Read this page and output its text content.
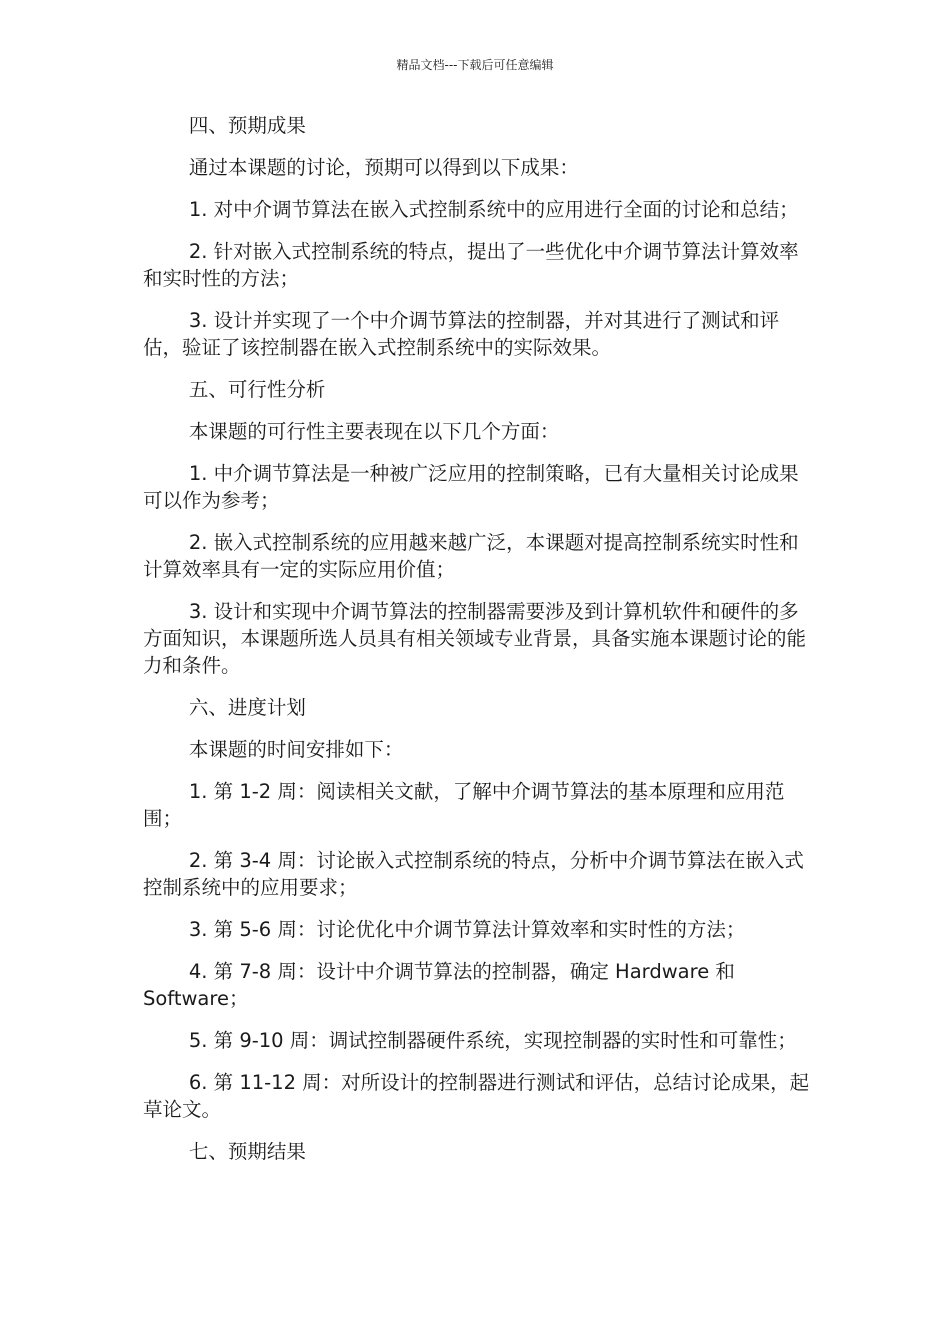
精品文档---下载后可任意编辑

四、预期成果

通过本课题的讨论，预期可以得到以下成果：

1. 对中介调节算法在嵌入式控制系统中的应用进行全面的讨论和总结；

2. 针对嵌入式控制系统的特点，提出了一些优化中介调节算法计算效率和实时性的方法；

3. 设计并实现了一个中介调节算法的控制器，并对其进行了测试和评估，验证了该控制器在嵌入式控制系统中的实际效果。

五、可行性分析

本课题的可行性主要表现在以下几个方面：

1. 中介调节算法是一种被广泛应用的控制策略，已有大量相关讨论成果可以作为参考；

2. 嵌入式控制系统的应用越来越广泛，本课题对提高控制系统实时性和计算效率具有一定的实际应用价值；

3. 设计和实现中介调节算法的控制器需要涉及到计算机软件和硬件的多方面知识，本课题所选人员具有相关领域专业背景，具备实施本课题讨论的能力和条件。

六、进度计划

本课题的时间安排如下：

1. 第 1-2 周：阅读相关文献，了解中介调节算法的基本原理和应用范围；

2. 第 3-4 周：讨论嵌入式控制系统的特点，分析中介调节算法在嵌入式控制系统中的应用要求；

3. 第 5-6 周：讨论优化中介调节算法计算效率和实时性的方法；

4. 第 7-8 周：设计中介调节算法的控制器，确定 Hardware 和 Software；

5. 第 9-10 周：调试控制器硬件系统，实现控制器的实时性和可靠性；

6. 第 11-12 周：对所设计的控制器进行测试和评估，总结讨论成果，起草论文。

七、预期结果
